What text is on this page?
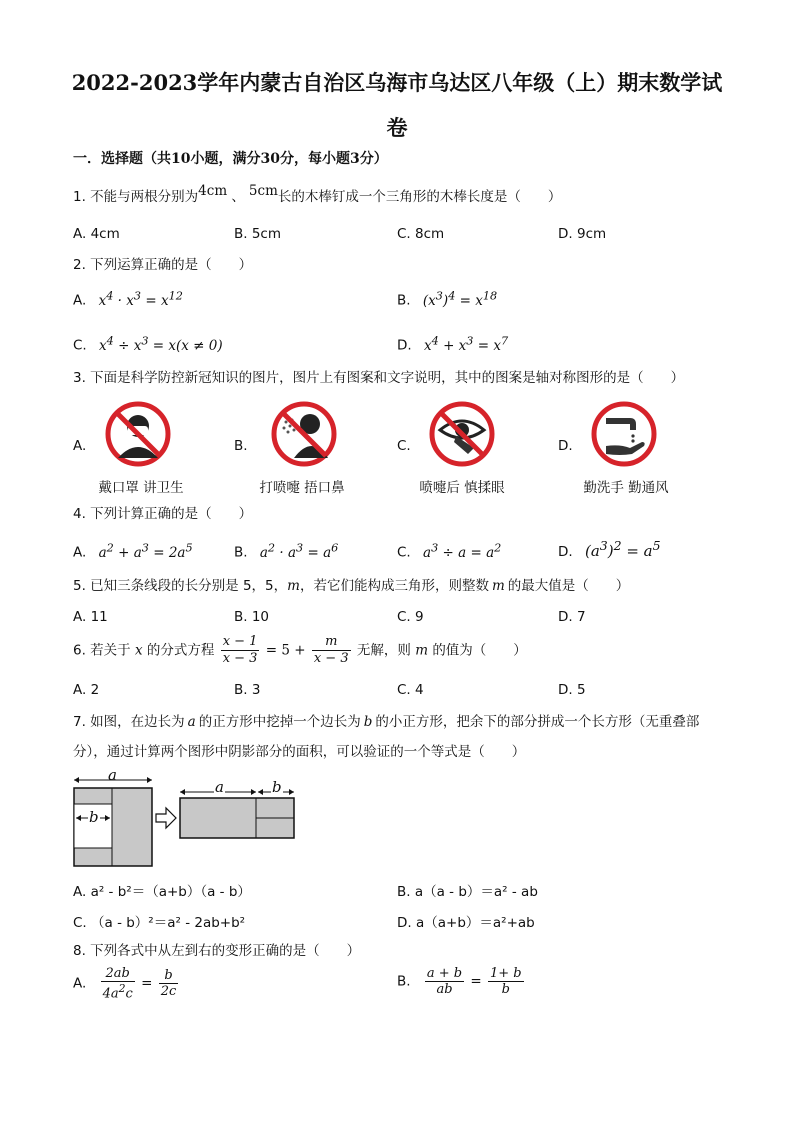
2022-2023学年内蒙古自治区乌海市乌达区八年级（上）期末数学试
卷
一．选择题（共10小题，满分30分，每小题3分）
1. 不能与两根分别为4cm 、 5cm长的木棒钉成一个三角形的木棒长度是（　　）
A. 4cm	B. 5cm	C. 8cm	D. 9cm
2. 下列运算正确的是（　　）
A. $x^4 \cdot x^3 = x^{12}$	B. $(x^3)^4 = x^{18}$
C. $x^4 \div x^3 = x(x \ne 0)$	D. $x^4 + x^3 = x^7$
3. 下面是科学防控新冠知识的图片，图片上有图案和文字说明，其中的图案是轴对称图形的是（　　）
A.	B.	C.	D.
戴口罩 讲卫生	打喷嚏 捂口鼻	喷嚏后 慎揉眼	勤洗手 勤通风
4. 下列计算正确的是（　　）
A. $a^2 + a^3 = 2a^5$	B. $a^2 \cdot a^3 = a^6$	C. $a^3 \div a = a^2$	D. $(a^3)^2 = a^5$
5. 已知三条线段的长分别是 5，5，m，若它们能构成三角形，则整数 m 的最大值是（　　）
A. 11	B. 10	C. 9	D. 7
6. 若关于 x 的分式方程 $\frac{x - 1}{x - 3} = 5 + \frac{m}{x - 3}$ 无解，则 m 的值为（　　）
A. 2	B. 3	C. 4	D. 5
7. 如图，在边长为 a 的正方形中挖掉一个边长为 b 的小正方形，把余下的部分拼成一个长方形（无重叠部
分），通过计算两个图形中阴影部分的面积，可以验证的一个等式是（　　）
a
b
a	b
A. a² - b²＝（a+b）（a - b）	B. a（a - b）＝a² - ab
C. （a - b）²＝a² - 2ab+b²	D. a（a+b）＝a²+ab
8. 下列各式中从左到右的变形正确的是（　　）
A. $\frac{2ab}{4a^2c} = \frac{b}{2c}$	B. $\frac{a + b}{ab} = \frac{1+ b}{b}$
